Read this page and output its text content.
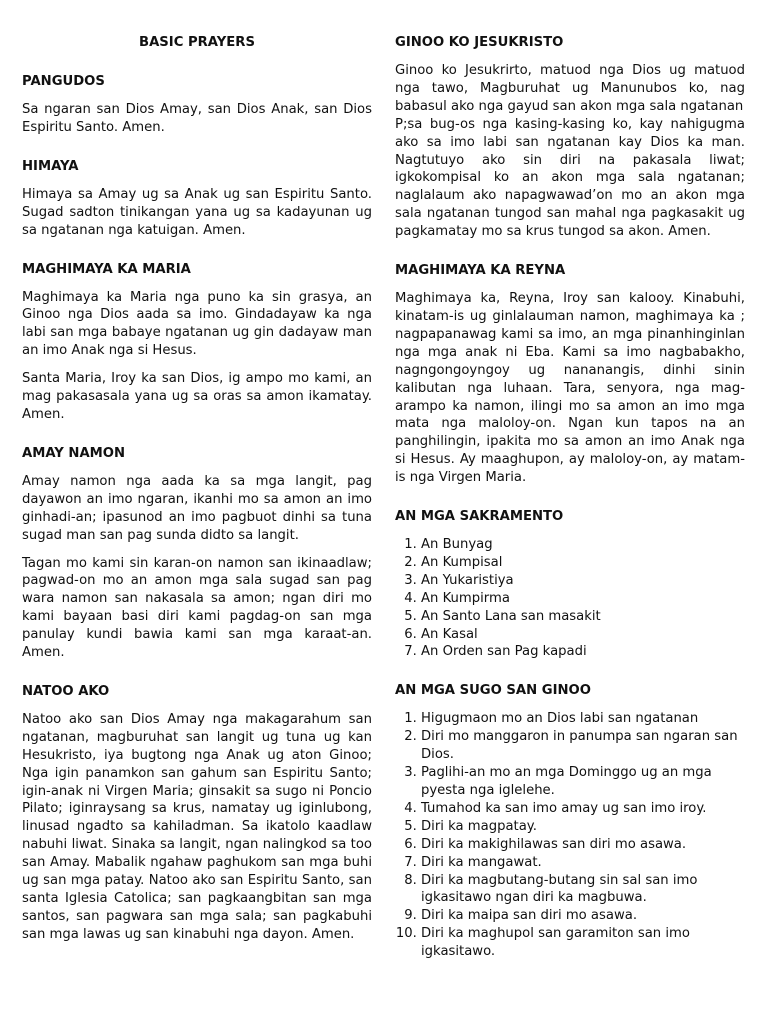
BASIC PRAYERS
PANGUDOS

Sa ngaran san Dios Amay, san Dios Anak, san Dios Espiritu Santo. Amen.

HIMAYA

Himaya sa Amay ug sa Anak ug san Espiritu Santo. Sugad sadton tinikangan yana ug sa kadayunan ug sa ngatanan nga katuigan. Amen.

MAGHIMAYA KA MARIA

Maghimaya ka Maria nga puno ka sin grasya, an Ginoo nga Dios aada sa imo. Gindadayaw ka nga labi san mga babaye ngatanan ug gin dadayaw man an imo Anak nga si Hesus.

Santa Maria, Iroy ka san Dios, ig ampo mo kami, an mag pakasasala yana ug sa oras sa amon ikamatay. Amen.

AMAY NAMON

Amay namon nga aada ka sa mga langit, pag dayawon an imo ngaran, ikanhi mo sa amon an imo ginhadi-an; ipasunod an imo pagbuot dinhi sa tuna sugad man san pag sunda didto sa langit.

Tagan mo kami sin karan-on namon san ikinaadlaw; pagwad-on mo an amon mga sala sugad san pag wara namon san nakasala sa amon; ngan diri mo kami bayaan basi diri kami pagdag-on san mga panulay kundi bawia kami san mga karaat-an. Amen.

NATOO AKO

Natoo ako san Dios Amay nga makagarahum san ngatanan, magburuhat san langit ug tuna ug kan Hesukristo, iya bugtong nga Anak ug aton Ginoo; Nga igin panamkon san gahum san Espiritu Santo; igin-anak ni Virgen Maria; ginsakit sa sugo ni Poncio Pilato; iginraysang sa krus, namatay ug iginlubong, linusad ngadto sa kahiladman. Sa ikatolo kaadlaw nabuhi liwat. Sinaka sa langit, ngan nalingkod sa too san Amay. Mabalik ngahaw paghukom san mga buhi ug san mga patay. Natoo ako san Espiritu Santo, san santa Iglesia Catolica; san pagkaangbitan san mga santos, san pagwara san mga sala; san pagkabuhi san mga lawas ug san kinabuhi nga dayon. Amen.

GINOO KO JESUKRISTO

Ginoo ko Jesukrirto, matuod nga Dios ug matuod nga tawo, Magburuhat ug Manunubos ko, nag babasul ako nga gayud san akon mga sala ngatanan

P;sa bug-os nga kasing-kasing ko, kay nahigugma ako sa imo labi san ngatanan kay Dios ka man. Nagtutuyo ako sin diri na pakasala liwat; igkokompisal ko an akon mga sala ngatanan; naglalaum ako napagwawad’on mo an akon mga sala ngatanan tungod san mahal nga pagkasakit ug pagkamatay mo sa krus tungod sa akon. Amen.

MAGHIMAYA KA REYNA

Maghimaya ka, Reyna, Iroy san kalooy. Kinabuhi, kinatam-is ug ginlalauman namon, maghimaya ka ; nagpapanawag kami sa imo, an mga pinanhinginlan nga mga anak ni Eba. Kami sa imo nagbabakho, nagngongoyngoy ug nananangis, dinhi sinin kalibutan nga luhaan. Tara, senyora, nga mag-arampo ka namon, ilingi mo sa amon an imo mga mata nga maloloy-on. Ngan kun tapos na an panghilingin, ipakita mo sa amon an imo Anak nga si Hesus. Ay maaghupon, ay maloloy-on, ay matam-is nga Virgen Maria.

AN MGA SAKRAMENTO
1. An Bunyag
2. An Kumpisal
3. An Yukaristiya
4. An Kumpirma
5. An Santo Lana san masakit
6. An Kasal
7. An Orden san Pag kapadi
AN MGA SUGO SAN GINOO
1. Higugmaon mo an Dios labi san ngatanan
2. Diri mo manggaron in panumpa san ngaran san Dios.
3. Paglihi-an mo an mga Dominggo ug an mga pyesta nga iglelehe.
4. Tumahod ka san imo amay ug san imo iroy.
5. Diri ka magpatay.
6. Diri ka makighilawas san diri mo asawa.
7. Diri ka mangawat.
8. Diri ka magbutang-butang sin sal san imo igkasitawo ngan diri ka magbuwa.
9. Diri ka maipa san diri mo asawa.
10. Diri ka maghupol san garamiton san imo igkasitawo.
